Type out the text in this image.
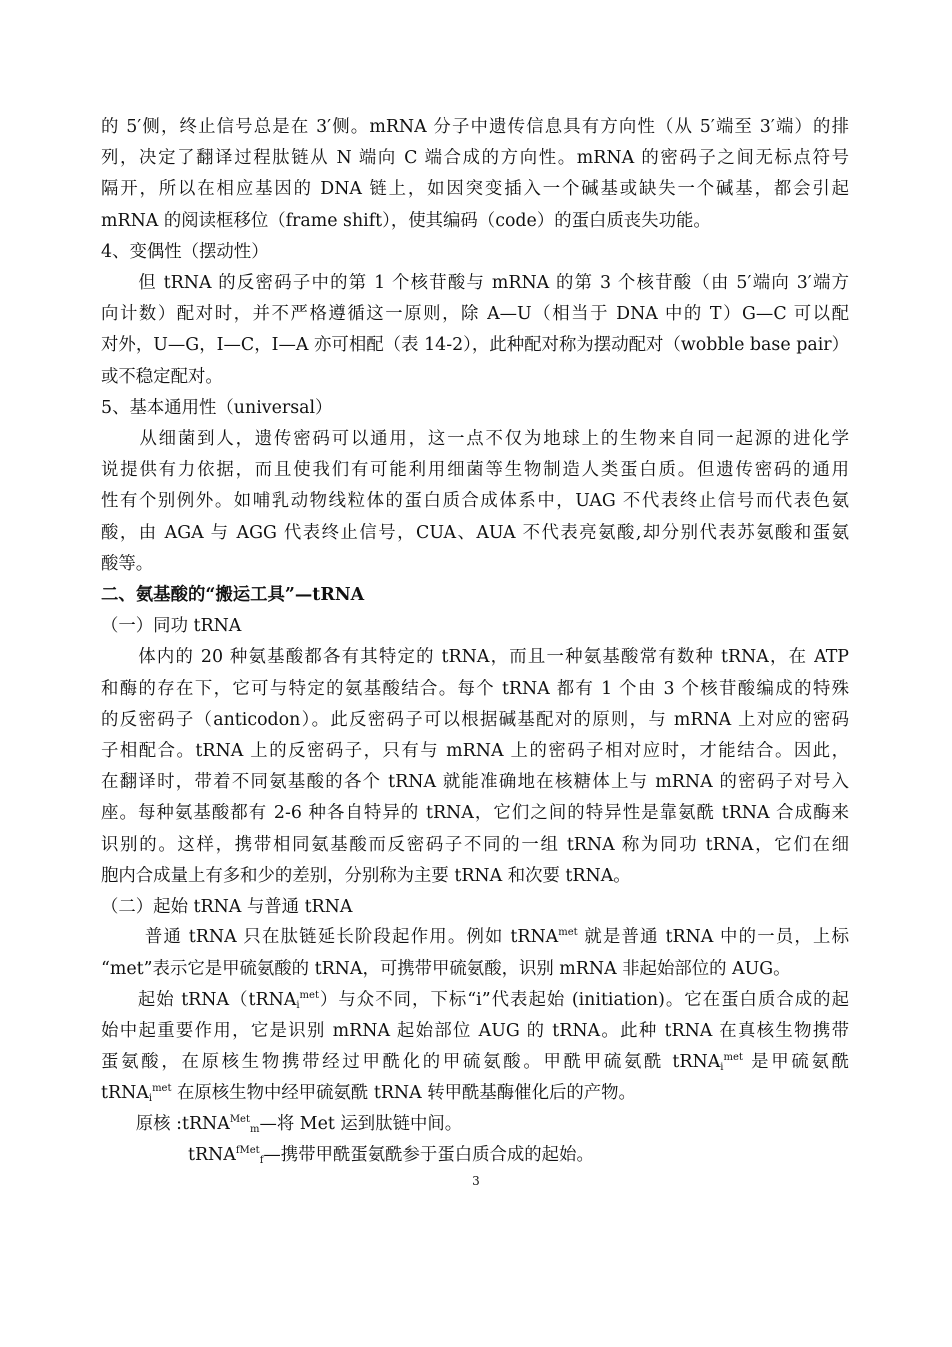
的 5′侧，终止信号总是在 3′侧。mRNA 分子中遗传信息具有方向性（从 5′端至 3′端）的排
列，决定了翻译过程肽链从 N 端向 C 端合成的方向性。mRNA 的密码子之间无标点符号
隔开，所以在相应基因的 DNA 链上，如因突变插入一个碱基或缺失一个碱基，都会引起
mRNA 的阅读框移位（frame shift），使其编码（code）的蛋白质丧失功能。
4、变偶性（摆动性）
　　但 tRNA 的反密码子中的第 1 个核苷酸与 mRNA 的第 3 个核苷酸（由 5′端向 3′端方
向计数）配对时，并不严格遵循这一原则，除 A—U（相当于 DNA 中的 T）G—C 可以配
对外，U—G，I—C，I—A 亦可相配（表 14-2），此种配对称为摆动配对（wobble base pair）
或不稳定配对。
5、基本通用性（universal）
　　从细菌到人，遗传密码可以通用，这一点不仅为地球上的生物来自同一起源的进化学
说提供有力依据，而且使我们有可能利用细菌等生物制造人类蛋白质。但遗传密码的通用
性有个别例外。如哺乳动物线粒体的蛋白质合成体系中，UAG 不代表终止信号而代表色氨
酸，由 AGA 与 AGG 代表终止信号，CUA、AUA 不代表亮氨酸,却分别代表苏氨酸和蛋氨
酸等。
二、氨基酸的“搬运工具”—tRNA
（一）同功 tRNA
　　体内的 20 种氨基酸都各有其特定的 tRNA，而且一种氨基酸常有数种 tRNA，在 ATP
和酶的存在下，它可与特定的氨基酸结合。每个 tRNA 都有 1 个由 3 个核苷酸编成的特殊
的反密码子（anticodon）。此反密码子可以根据碱基配对的原则，与 mRNA 上对应的密码
子相配合。tRNA 上的反密码子，只有与 mRNA 上的密码子相对应时，才能结合。因此，
在翻译时，带着不同氨基酸的各个 tRNA 就能准确地在核糖体上与 mRNA 的密码子对号入
座。每种氨基酸都有 2-6 种各自特异的 tRNA，它们之间的特异性是靠氨酰 tRNA 合成酶来
识别的。这样，携带相同氨基酸而反密码子不同的一组 tRNA 称为同功 tRNA，它们在细
胞内合成量上有多和少的差别，分别称为主要 tRNA 和次要 tRNA。
（二）起始 tRNA 与普通 tRNA
　　 普通 tRNA 只在肽链延长阶段起作用。例如 tRNA$^{met}$ 就是普通 tRNA 中的一员，上标
“met”表示它是甲硫氨酸的 tRNA，可携带甲硫氨酸，识别 mRNA 非起始部位的 AUG。
　　起始 tRNA（tRNA$_i^{met}$）与众不同，下标“i”代表起始 (initiation)。它在蛋白质合成的起
始中起重要作用，它是识别 mRNA 起始部位 AUG 的 tRNA。此种 tRNA 在真核生物携带
蛋氨酸，在原核生物携带经过甲酰化的甲硫氨酸。甲酰甲硫氨酰 tRNA$_i^{met}$ 是甲硫氨酰
tRNA$_i^{met}$ 在原核生物中经甲硫氨酰 tRNA 转甲酰基酶催化后的产物。
　　原核 :tRNA$^{Met}_m$—将 Met 运到肽链中间。
　　　　　tRNA$^{fMet}_f$—携带甲酰蛋氨酰参于蛋白质合成的起始。
3
